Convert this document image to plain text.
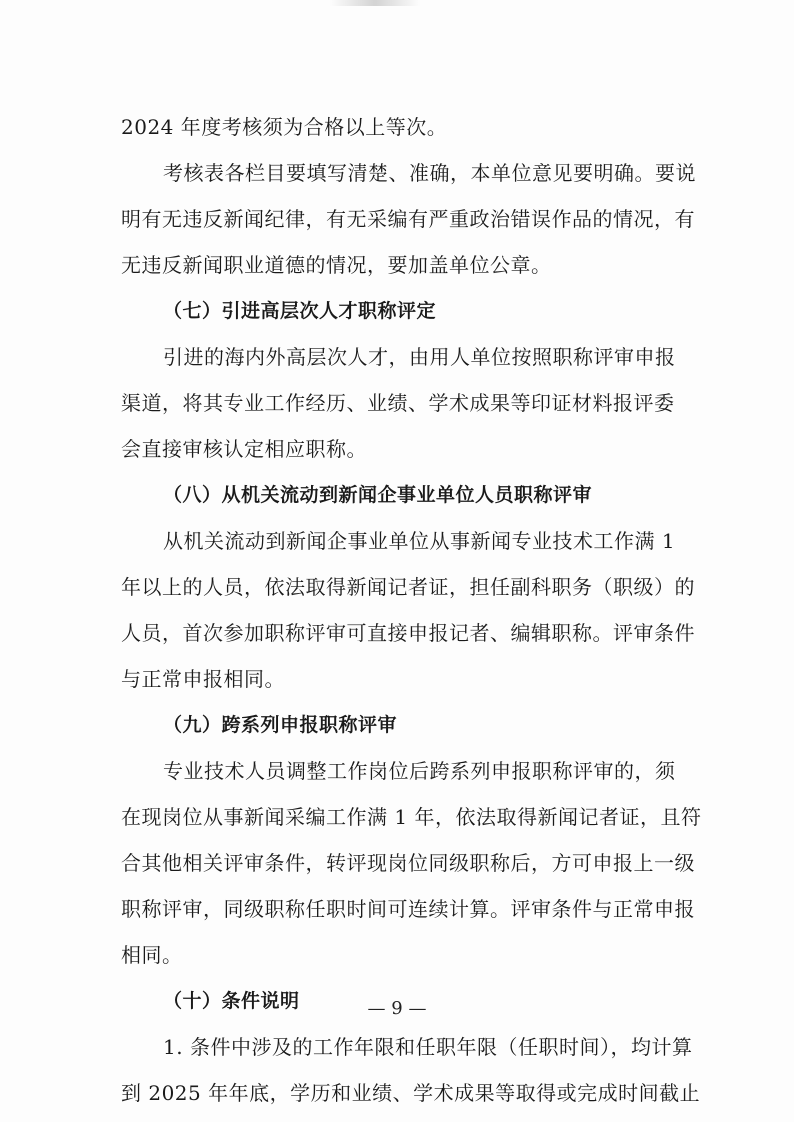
2024 年度考核须为合格以上等次。
考核表各栏目要填写清楚、准确，本单位意见要明确。要说
明有无违反新闻纪律，有无采编有严重政治错误作品的情况，有
无违反新闻职业道德的情况，要加盖单位公章。
（七）引进高层次人才职称评定
引进的海内外高层次人才，由用人单位按照职称评审申报
渠道，将其专业工作经历、业绩、学术成果等印证材料报评委
会直接审核认定相应职称。
（八）从机关流动到新闻企事业单位人员职称评审
从机关流动到新闻企事业单位从事新闻专业技术工作满 1
年以上的人员，依法取得新闻记者证，担任副科职务（职级）的
人员，首次参加职称评审可直接申报记者、编辑职称。评审条件
与正常申报相同。
（九）跨系列申报职称评审
专业技术人员调整工作岗位后跨系列申报职称评审的，须
在现岗位从事新闻采编工作满 1 年，依法取得新闻记者证，且符
合其他相关评审条件，转评现岗位同级职称后，方可申报上一级
职称评审，同级职称任职时间可连续计算。评审条件与正常申报
相同。
（十）条件说明
1. 条件中涉及的工作年限和任职年限（任职时间），均计算
到 2025 年年底，学历和业绩、学术成果等取得或完成时间截止
— 9 —
